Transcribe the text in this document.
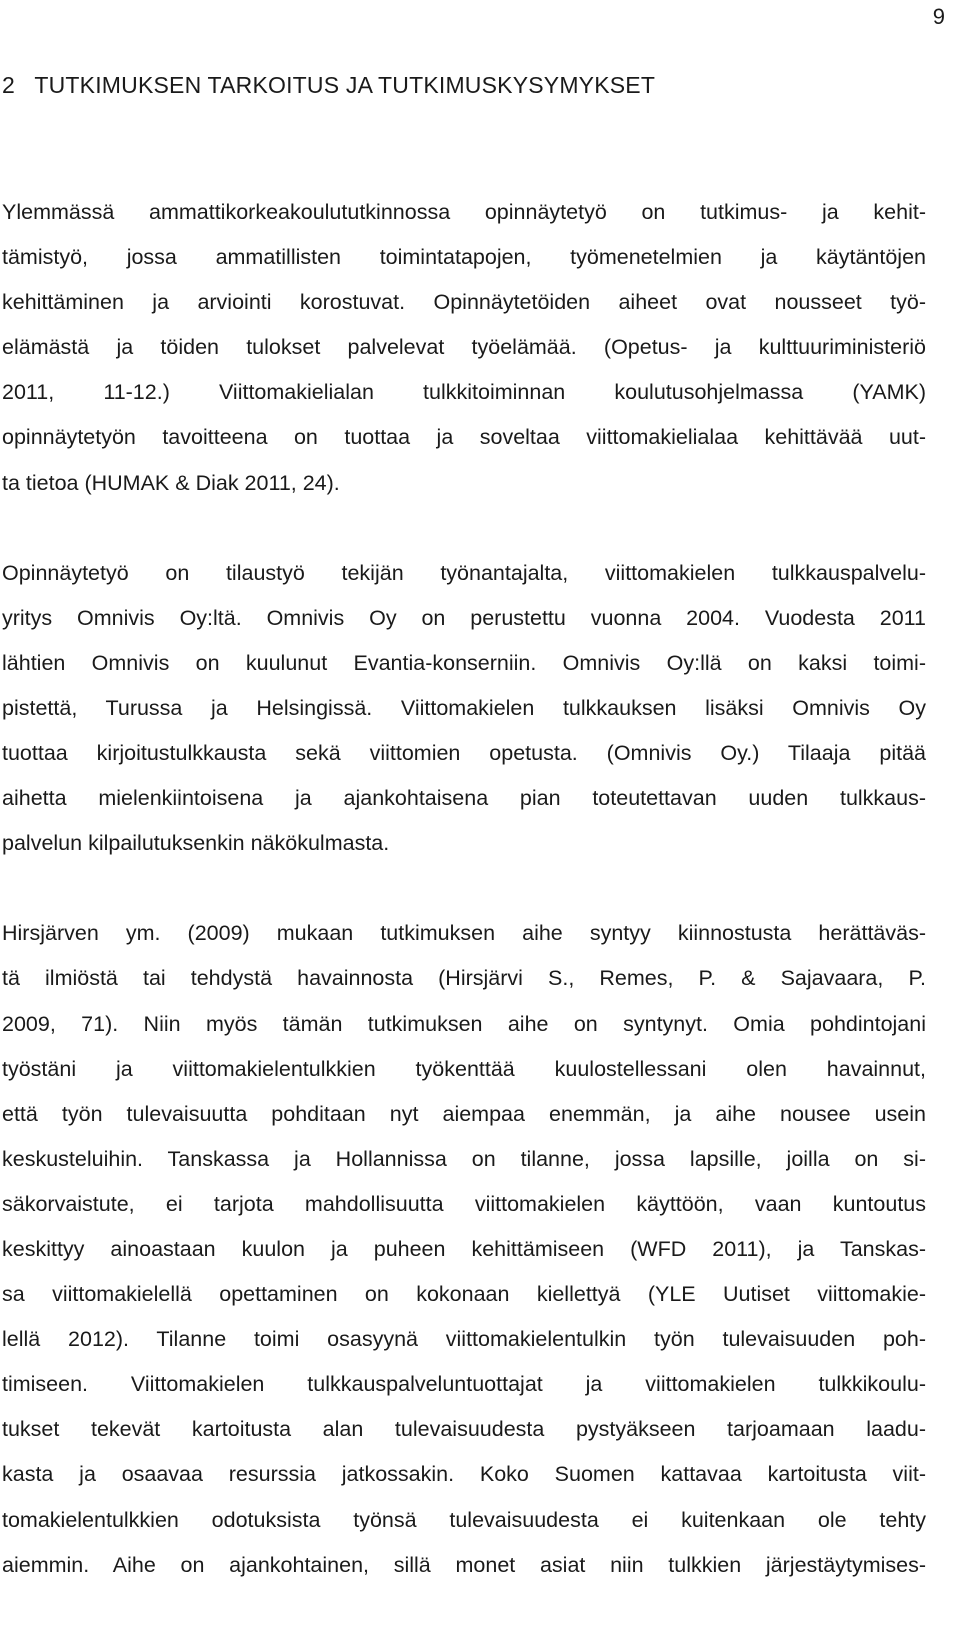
9
2   TUTKIMUKSEN TARKOITUS JA TUTKIMUSKYSYMYKSET

Ylemmässä ammattikorkeakoulututkinnossa opinnäytetyö on tutkimus- ja kehit-
tämistyö, jossa ammatillisten toimintatapojen, työmenetelmien ja käytäntöjen
kehittäminen ja arviointi korostuvat. Opinnäytetöiden aiheet ovat nousseet työ-
elämästä ja töiden tulokset palvelevat työelämää. (Opetus- ja kulttuuriministeriö
2011, 11-12.) Viittomakielialan tulkkitoiminnan koulutusohjelmassa (YAMK)
opinnäytetyön tavoitteena on tuottaa ja soveltaa viittomakielialaa kehittävää uut-
ta tietoa (HUMAK & Diak 2011, 24).

Opinnäytetyö on tilaustyö tekijän työnantajalta, viittomakielen tulkkauspalvelu-
yritys Omnivis Oy:ltä. Omnivis Oy on perustettu vuonna 2004. Vuodesta 2011
lähtien Omnivis on kuulunut Evantia-konserniin. Omnivis Oy:llä on kaksi toimi-
pistettä, Turussa ja Helsingissä. Viittomakielen tulkkauksen lisäksi Omnivis Oy
tuottaa kirjoitustulkkausta sekä viittomien opetusta. (Omnivis Oy.) Tilaaja pitää
aihetta mielenkiintoisena ja ajankohtaisena pian toteutettavan uuden tulkkaus-
palvelun kilpailutuksenkin näkökulmasta.

Hirsjärven ym. (2009) mukaan tutkimuksen aihe syntyy kiinnostusta herättäväs-
tä ilmiöstä tai tehdystä havainnosta (Hirsjärvi S., Remes, P. & Sajavaara, P.
2009, 71). Niin myös tämän tutkimuksen aihe on syntynyt. Omia pohdintojani
työstäni ja viittomakielentulkkien työkenttää kuulostellessani olen havainnut,
että työn tulevaisuutta pohditaan nyt aiempaa enemmän, ja aihe nousee usein
keskusteluihin. Tanskassa ja Hollannissa on tilanne, jossa lapsille, joilla on si-
säkorvaistute, ei tarjota mahdollisuutta viittomakielen käyttöön, vaan kuntoutus
keskittyy ainoastaan kuulon ja puheen kehittämiseen (WFD 2011), ja Tanskas-
sa viittomakielellä opettaminen on kokonaan kiellettyä (YLE Uutiset viittomakie-
lellä 2012). Tilanne toimi osasyynä viittomakielentulkin työn tulevaisuuden poh-
timiseen. Viittomakielen tulkkauspalveluntuottajat ja viittomakielen tulkkikoulu-
tukset tekevät kartoitusta alan tulevaisuudesta pystyäkseen tarjoamaan laadu-
kasta ja osaavaa resurssia jatkossakin. Koko Suomen kattavaa kartoitusta viit-
tomakielentulkkien odotuksista työnsä tulevaisuudesta ei kuitenkaan ole tehty
aiemmin. Aihe on ajankohtainen, sillä monet asiat niin tulkkien järjestäytymises-
